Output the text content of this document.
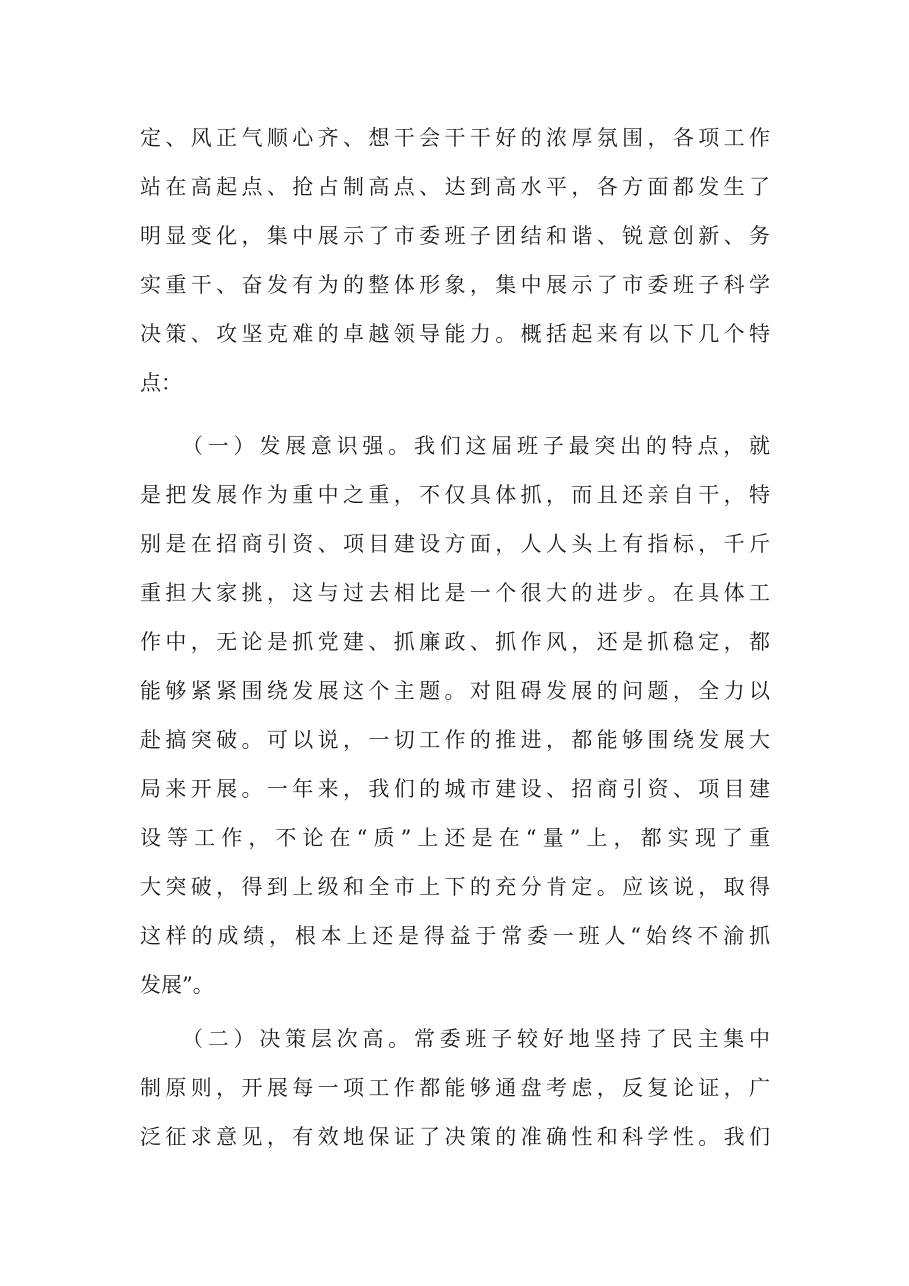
定、风正气顺心齐、想干会干干好的浓厚氛围，各项工作
站在高起点、抢占制高点、达到高水平，各方面都发生了
明显变化，集中展示了市委班子团结和谐、锐意创新、务
实重干、奋发有为的整体形象，集中展示了市委班子科学
决策、攻坚克难的卓越领导能力。概括起来有以下几个特
点：
（一）发展意识强。我们这届班子最突出的特点，就
是把发展作为重中之重，不仅具体抓，而且还亲自干，特
别是在招商引资、项目建设方面，人人头上有指标，千斤
重担大家挑，这与过去相比是一个很大的进步。在具体工
作中，无论是抓党建、抓廉政、抓作风，还是抓稳定，都
能够紧紧围绕发展这个主题。对阻碍发展的问题，全力以
赴搞突破。可以说，一切工作的推进，都能够围绕发展大
局来开展。一年来，我们的城市建设、招商引资、项目建
设等工作，不论在“质”上还是在“量”上，都实现了重
大突破，得到上级和全市上下的充分肯定。应该说，取得
这样的成绩，根本上还是得益于常委一班人“始终不渝抓
发展”。
（二）决策层次高。常委班子较好地坚持了民主集中
制原则，开展每一项工作都能够通盘考虑，反复论证，广
泛征求意见，有效地保证了决策的准确性和科学性。我们
